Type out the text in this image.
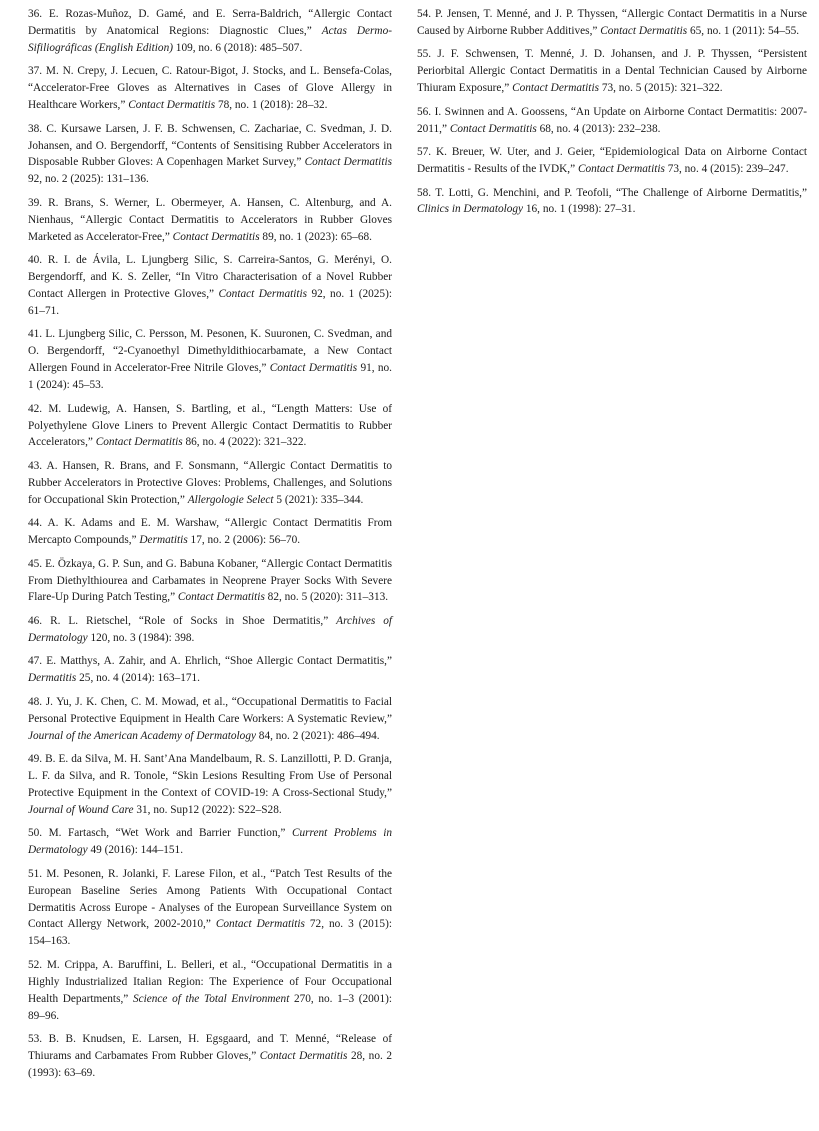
36. E. Rozas-Muñoz, D. Gamé, and E. Serra-Baldrich, “Allergic Contact Dermatitis by Anatomical Regions: Diagnostic Clues,” Actas Dermo-Sifiliográficas (English Edition) 109, no. 6 (2018): 485–507.

37. M. N. Crepy, J. Lecuen, C. Ratour-Bigot, J. Stocks, and L. Bensefa-Colas, “Accelerator-Free Gloves as Alternatives in Cases of Glove Allergy in Healthcare Workers,” Contact Dermatitis 78, no. 1 (2018): 28–32.

38. C. Kursawe Larsen, J. F. B. Schwensen, C. Zachariae, C. Svedman, J. D. Johansen, and O. Bergendorff, “Contents of Sensitising Rubber Accelerators in Disposable Rubber Gloves: A Copenhagen Market Survey,” Contact Dermatitis 92, no. 2 (2025): 131–136.

39. R. Brans, S. Werner, L. Obermeyer, A. Hansen, C. Altenburg, and A. Nienhaus, “Allergic Contact Dermatitis to Accelerators in Rubber Gloves Marketed as Accelerator-Free,” Contact Dermatitis 89, no. 1 (2023): 65–68.

40. R. I. de Ávila, L. Ljungberg Silic, S. Carreira-Santos, G. Merényi, O. Bergendorff, and K. S. Zeller, “In Vitro Characterisation of a Novel Rubber Contact Allergen in Protective Gloves,” Contact Dermatitis 92, no. 1 (2025): 61–71.

41. L. Ljungberg Silic, C. Persson, M. Pesonen, K. Suuronen, C. Svedman, and O. Bergendorff, “2-Cyanoethyl Dimethyldithiocarbamate, a New Contact Allergen Found in Accelerator-Free Nitrile Gloves,” Contact Dermatitis 91, no. 1 (2024): 45–53.

42. M. Ludewig, A. Hansen, S. Bartling, et al., “Length Matters: Use of Polyethylene Glove Liners to Prevent Allergic Contact Dermatitis to Rubber Accelerators,” Contact Dermatitis 86, no. 4 (2022): 321–322.

43. A. Hansen, R. Brans, and F. Sonsmann, “Allergic Contact Dermatitis to Rubber Accelerators in Protective Gloves: Problems, Challenges, and Solutions for Occupational Skin Protection,” Allergologie Select 5 (2021): 335–344.

44. A. K. Adams and E. M. Warshaw, “Allergic Contact Dermatitis From Mercapto Compounds,” Dermatitis 17, no. 2 (2006): 56–70.

45. E. Özkaya, G. P. Sun, and G. Babuna Kobaner, “Allergic Contact Dermatitis From Diethylthiourea and Carbamates in Neoprene Prayer Socks With Severe Flare-Up During Patch Testing,” Contact Dermatitis 82, no. 5 (2020): 311–313.

46. R. L. Rietschel, “Role of Socks in Shoe Dermatitis,” Archives of Dermatology 120, no. 3 (1984): 398.

47. E. Matthys, A. Zahir, and A. Ehrlich, “Shoe Allergic Contact Dermatitis,” Dermatitis 25, no. 4 (2014): 163–171.

48. J. Yu, J. K. Chen, C. M. Mowad, et al., “Occupational Dermatitis to Facial Personal Protective Equipment in Health Care Workers: A Systematic Review,” Journal of the American Academy of Dermatology 84, no. 2 (2021): 486–494.

49. B. E. da Silva, M. H. Sant’Ana Mandelbaum, R. S. Lanzillotti, P. D. Granja, L. F. da Silva, and R. Tonole, “Skin Lesions Resulting From Use of Personal Protective Equipment in the Context of COVID-19: A Cross-Sectional Study,” Journal of Wound Care 31, no. Sup12 (2022): S22–S28.

50. M. Fartasch, “Wet Work and Barrier Function,” Current Problems in Dermatology 49 (2016): 144–151.

51. M. Pesonen, R. Jolanki, F. Larese Filon, et al., “Patch Test Results of the European Baseline Series Among Patients With Occupational Contact Dermatitis Across Europe - Analyses of the European Surveillance System on Contact Allergy Network, 2002-2010,” Contact Dermatitis 72, no. 3 (2015): 154–163.

52. M. Crippa, A. Baruffini, L. Belleri, et al., “Occupational Dermatitis in a Highly Industrialized Italian Region: The Experience of Four Occupational Health Departments,” Science of the Total Environment 270, no. 1–3 (2001): 89–96.

53. B. B. Knudsen, E. Larsen, H. Egsgaard, and T. Menné, “Release of Thiurams and Carbamates From Rubber Gloves,” Contact Dermatitis 28, no. 2 (1993): 63–69.

54. P. Jensen, T. Menné, and J. P. Thyssen, “Allergic Contact Dermatitis in a Nurse Caused by Airborne Rubber Additives,” Contact Dermatitis 65, no. 1 (2011): 54–55.

55. J. F. Schwensen, T. Menné, J. D. Johansen, and J. P. Thyssen, “Persistent Periorbital Allergic Contact Dermatitis in a Dental Technician Caused by Airborne Thiuram Exposure,” Contact Dermatitis 73, no. 5 (2015): 321–322.

56. I. Swinnen and A. Goossens, “An Update on Airborne Contact Dermatitis: 2007-2011,” Contact Dermatitis 68, no. 4 (2013): 232–238.

57. K. Breuer, W. Uter, and J. Geier, “Epidemiological Data on Airborne Contact Dermatitis - Results of the IVDK,” Contact Dermatitis 73, no. 4 (2015): 239–247.

58. T. Lotti, G. Menchini, and P. Teofoli, “The Challenge of Airborne Dermatitis,” Clinics in Dermatology 16, no. 1 (1998): 27–31.
